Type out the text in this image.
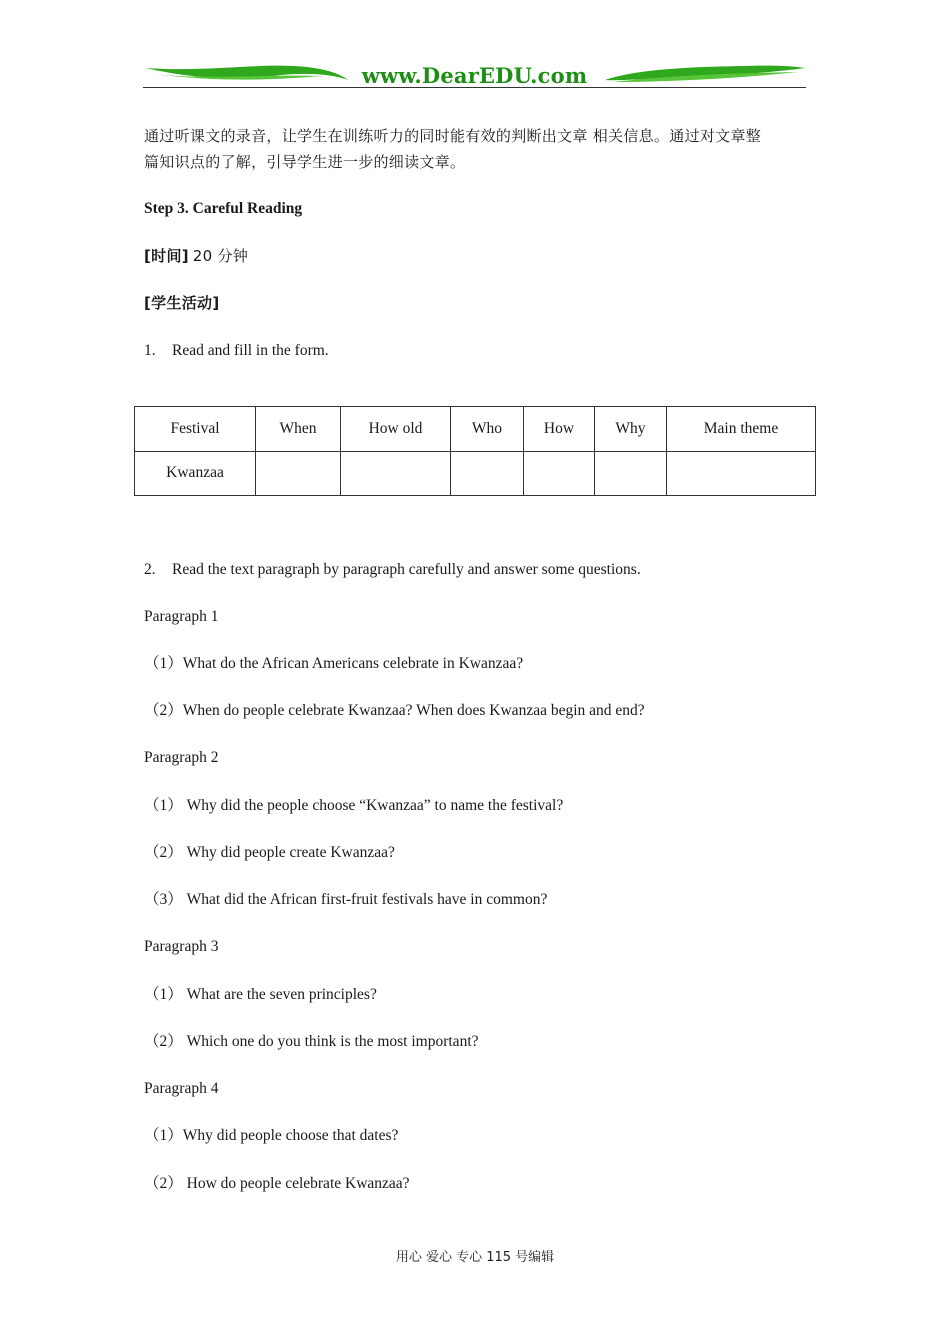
www.DearEDU.com
通过听课文的录音，让学生在训练听力的同时能有效的判断出文章 相关信息。通过对文章整
篇知识点的了解，引导学生进一步的细读文章。
Step 3. Careful Reading
[时间] 20 分钟
[学生活动]
1. Read and fill in the form.
Festival	When	How old	Who	How	Why	Main theme
Kwanzaa						
2. Read the text paragraph by paragraph carefully and answer some questions.
Paragraph 1
（1）What do the African Americans celebrate in Kwanzaa?
（2）When do people celebrate Kwanzaa? When does Kwanzaa begin and end?
Paragraph 2
（1） Why did the people choose “Kwanzaa” to name the festival?
（2） Why did people create Kwanzaa?
（3） What did the African first-fruit festivals have in common?
Paragraph 3
（1） What are the seven principles?
（2） Which one do you think is the most important?
Paragraph 4
（1）Why did people choose that dates?
（2） How do people celebrate Kwanzaa?
用心 爱心 专心 115 号编辑
